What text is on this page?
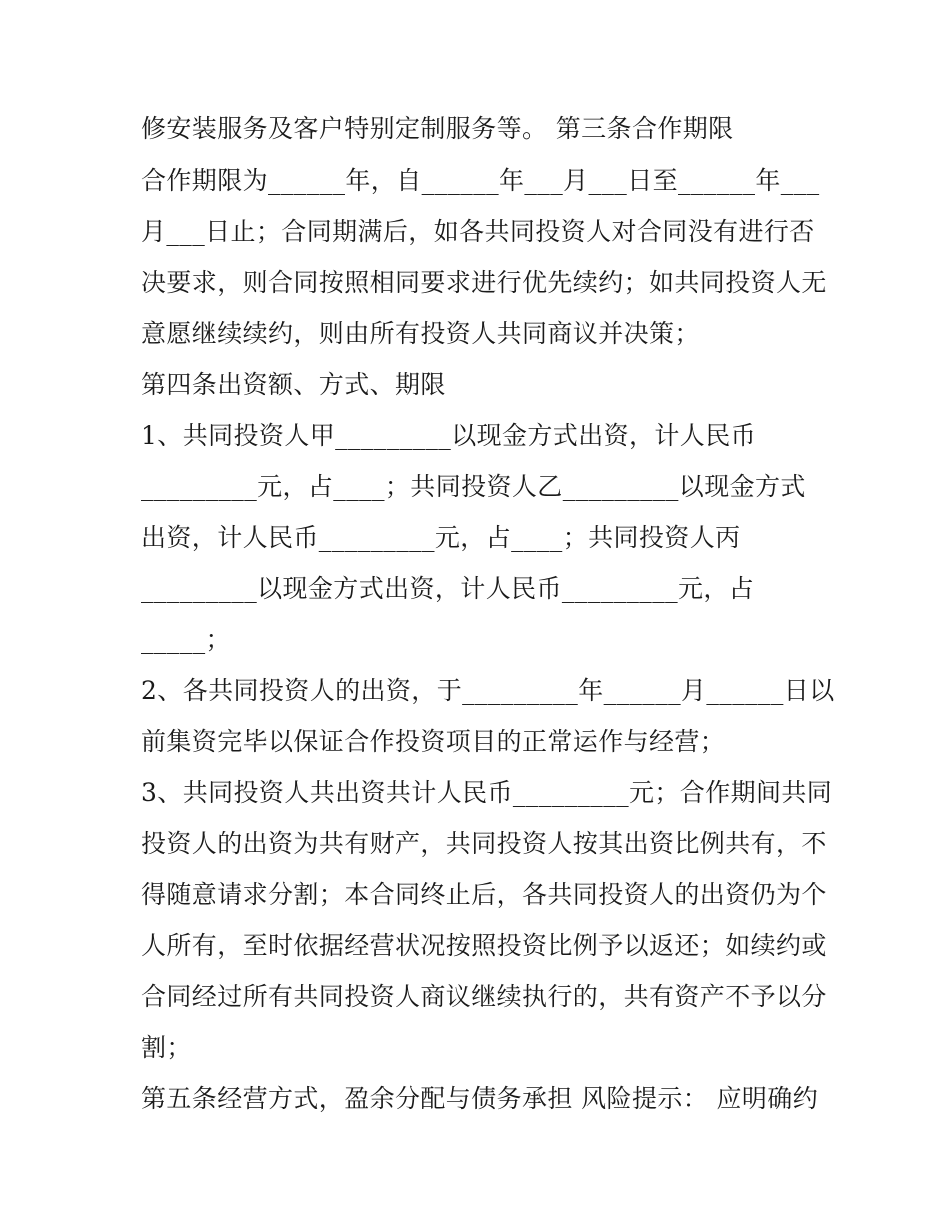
修安装服务及客户特别定制服务等。 第三条合作期限

合作期限为______年，自______年___月___日至______年___

月___日止；合同期满后，如各共同投资人对合同没有进行否

决要求，则合同按照相同要求进行优先续约；如共同投资人无

意愿继续续约，则由所有投资人共同商议并决策；

第四条出资额、方式、期限

1、共同投资人甲_________以现金方式出资，计人民币

_________元，占____；共同投资人乙_________以现金方式

出资，计人民币_________元，占____；共同投资人丙

_________以现金方式出资，计人民币_________元，占

_____；

2、各共同投资人的出资，于_________年______月______日以

前集资完毕以保证合作投资项目的正常运作与经营；

3、共同投资人共出资共计人民币_________元；合作期间共同

投资人的出资为共有财产，共同投资人按其出资比例共有，不

得随意请求分割；本合同终止后，各共同投资人的出资仍为个

人所有，至时依据经营状况按照投资比例予以返还；如续约或

合同经过所有共同投资人商议继续执行的，共有资产不予以分

割；

第五条经营方式，盈余分配与债务承担 风险提示： 应明确约
